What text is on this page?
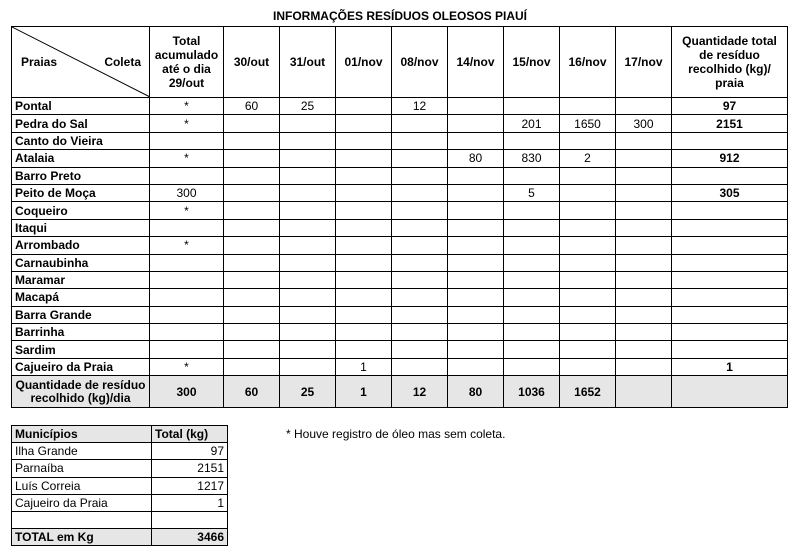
INFORMAÇÕES RESÍDUOS OLEOSOS PIAUÍ
Praias Coleta	Total acumulado até o dia 29/out	30/out	31/out	01/nov	08/nov	14/nov	15/nov	16/nov	17/nov	Quantidade total de resíduo recolhido (kg)/ praia
Pontal	*	60	25		12					97
Pedra do Sal	*						201	1650	300	2151
Canto do Vieira										
Atalaia	*					80	830	2		912
Barro Preto										
Peito de Moça	300						5			305
Coqueiro	*									
Itaqui										
Arrombado	*									
Carnaubinha										
Maramar										
Macapá										
Barra Grande										
Barrinha										
Sardim										
Cajueiro da Praia	*			1						1
Quantidade de resíduo recolhido (kg)/dia	300	60	25	1	12	80	1036	1652		
Municípios	Total (kg)
Ilha Grande	97
Parnaíba	2151
Luís Correia	1217
Cajueiro da Praia	1

TOTAL em Kg	3466
* Houve registro de óleo mas sem coleta.
